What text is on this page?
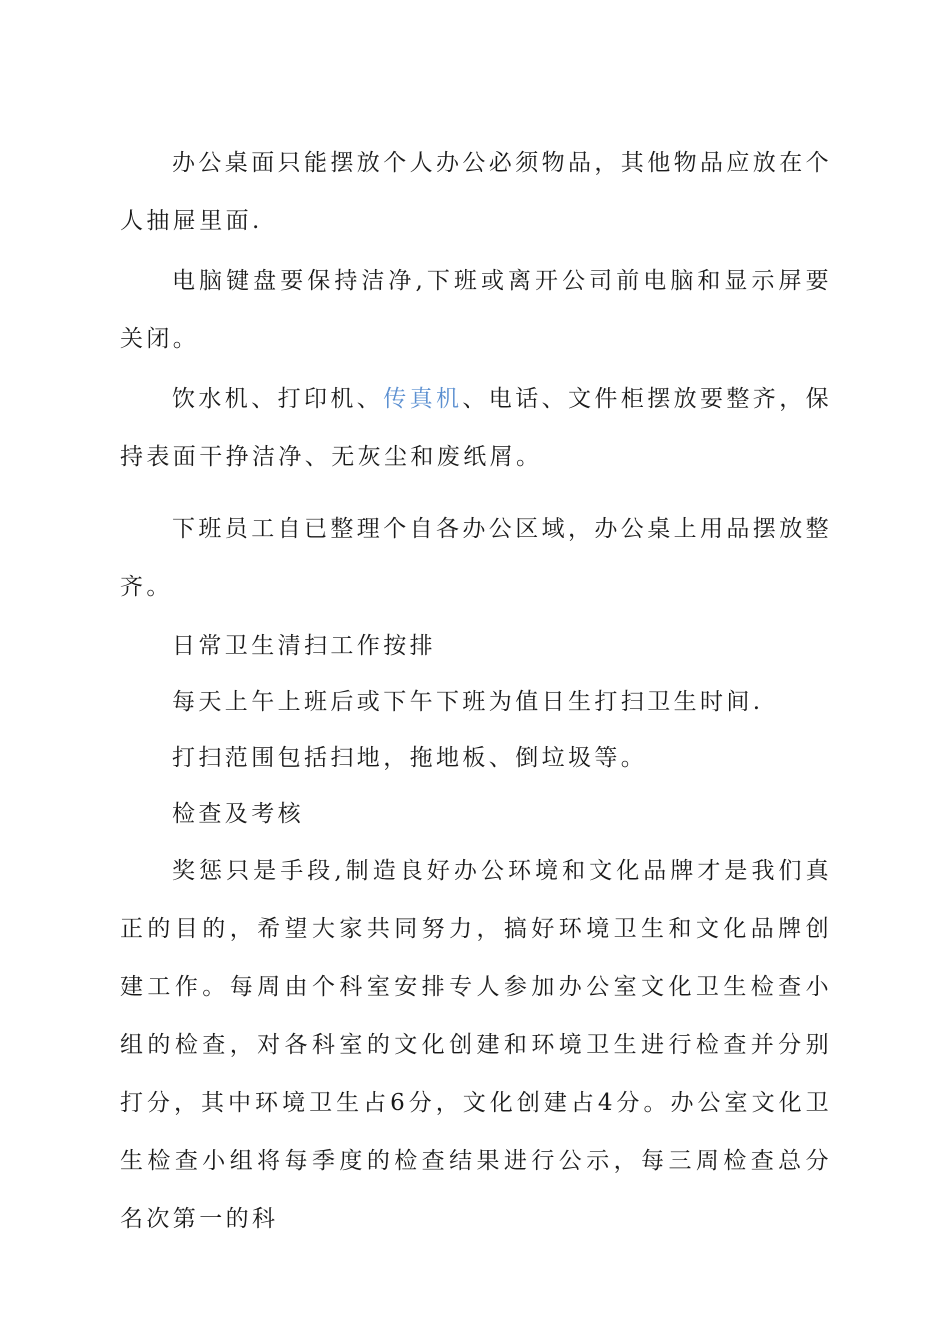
办公桌面只能摆放个人办公必须物品，其他物品应放在个人抽屉里面.

电脑键盘要保持洁净,下班或离开公司前电脑和显示屏要关闭。

饮水机、打印机、传真机、电话、文件柜摆放要整齐，保持表面干挣洁净、无灰尘和废纸屑。

下班员工自已整理个自各办公区域，办公桌上用品摆放整齐。

日常卫生清扫工作按排

每天上午上班后或下午下班为值日生打扫卫生时间.

打扫范围包括扫地，拖地板、倒垃圾等。

检查及考核

奖惩只是手段,制造良好办公环境和文化品牌才是我们真正的目的，希望大家共同努力，搞好环境卫生和文化品牌创建工作。每周由个科室安排专人参加办公室文化卫生检查小组的检查，对各科室的文化创建和环境卫生进行检查并分别打分，其中环境卫生占6分，文化创建占4分。办公室文化卫生检查小组将每季度的检查结果进行公示，每三周检查总分名次第一的科
